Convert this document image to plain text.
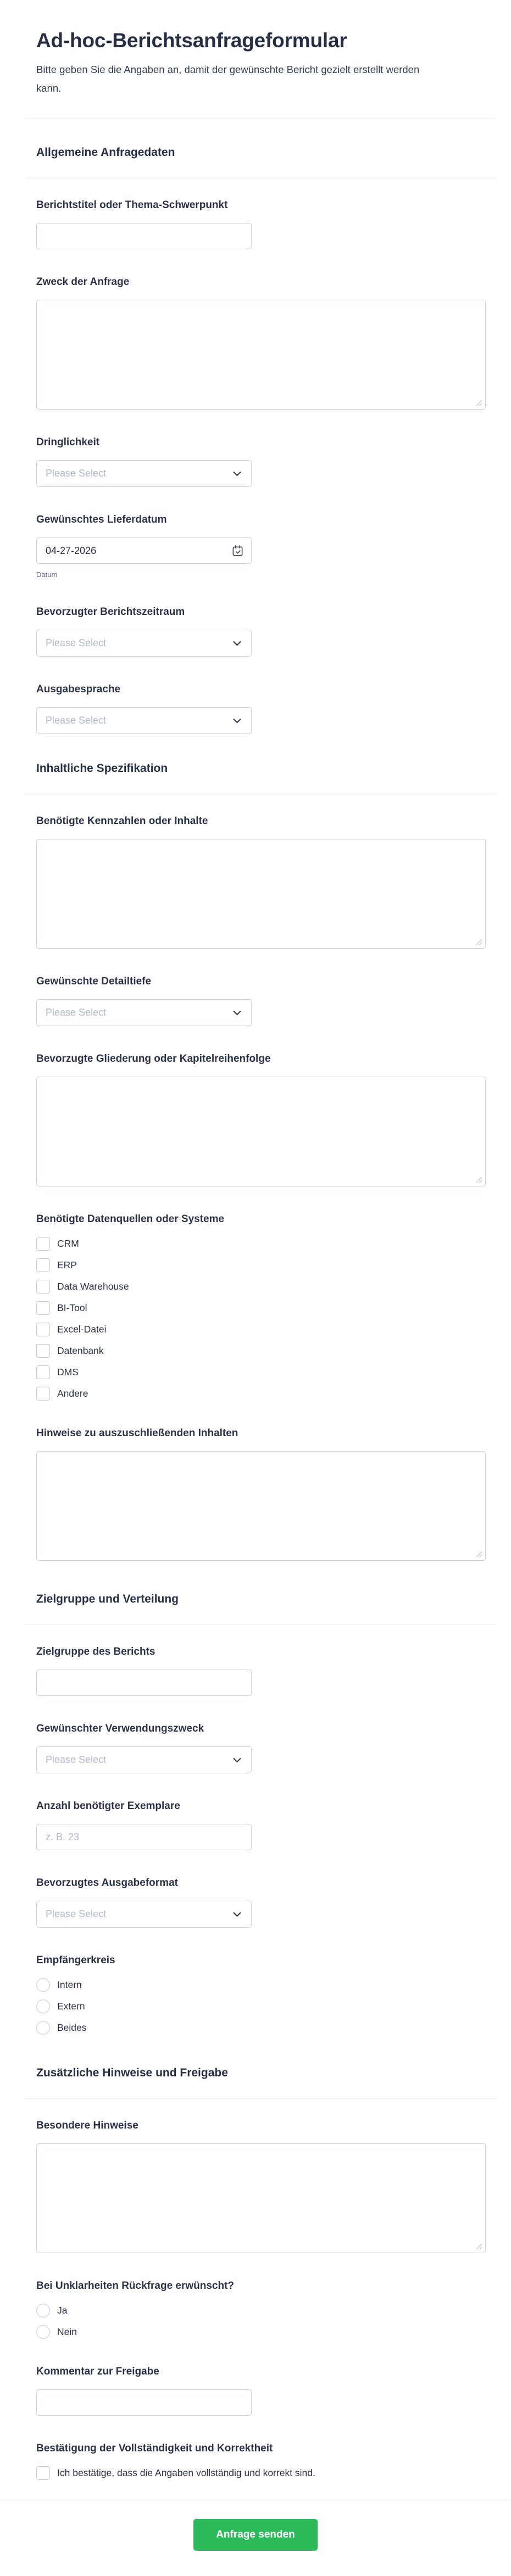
Ad-hoc-Berichtsanfrageformular

Bitte geben Sie die Angaben an, damit der gewünschte Bericht gezielt erstellt werden kann.

Allgemeine Anfragedaten
Berichtstitel oder Thema-Schwerpunkt
Zweck der Anfrage
Dringlichkeit
Please Select
Gewünschtes Lieferdatum
04-27-2026
Datum
Bevorzugter Berichtszeitraum
Please Select
Ausgabesprache
Please Select
Inhaltliche Spezifikation
Benötigte Kennzahlen oder Inhalte
Gewünschte Detailtiefe
Please Select
Bevorzugte Gliederung oder Kapitelreihenfolge
Benötigte Datenquellen oder Systeme
CRM
ERP
Data Warehouse
BI-Tool
Excel-Datei
Datenbank
DMS
Andere
Hinweise zu auszuschließenden Inhalten
Zielgruppe und Verteilung
Zielgruppe des Berichts
Gewünschter Verwendungszweck
Please Select
Anzahl benötigter Exemplare
z. B. 23
Bevorzugtes Ausgabeformat
Please Select
Empfängerkreis
Intern
Extern
Beides
Zusätzliche Hinweise und Freigabe
Besondere Hinweise
Bei Unklarheiten Rückfrage erwünscht?
Ja
Nein
Kommentar zur Freigabe
Bestätigung der Vollständigkeit und Korrektheit
Ich bestätige, dass die Angaben vollständig und korrekt sind.
Anfrage senden
